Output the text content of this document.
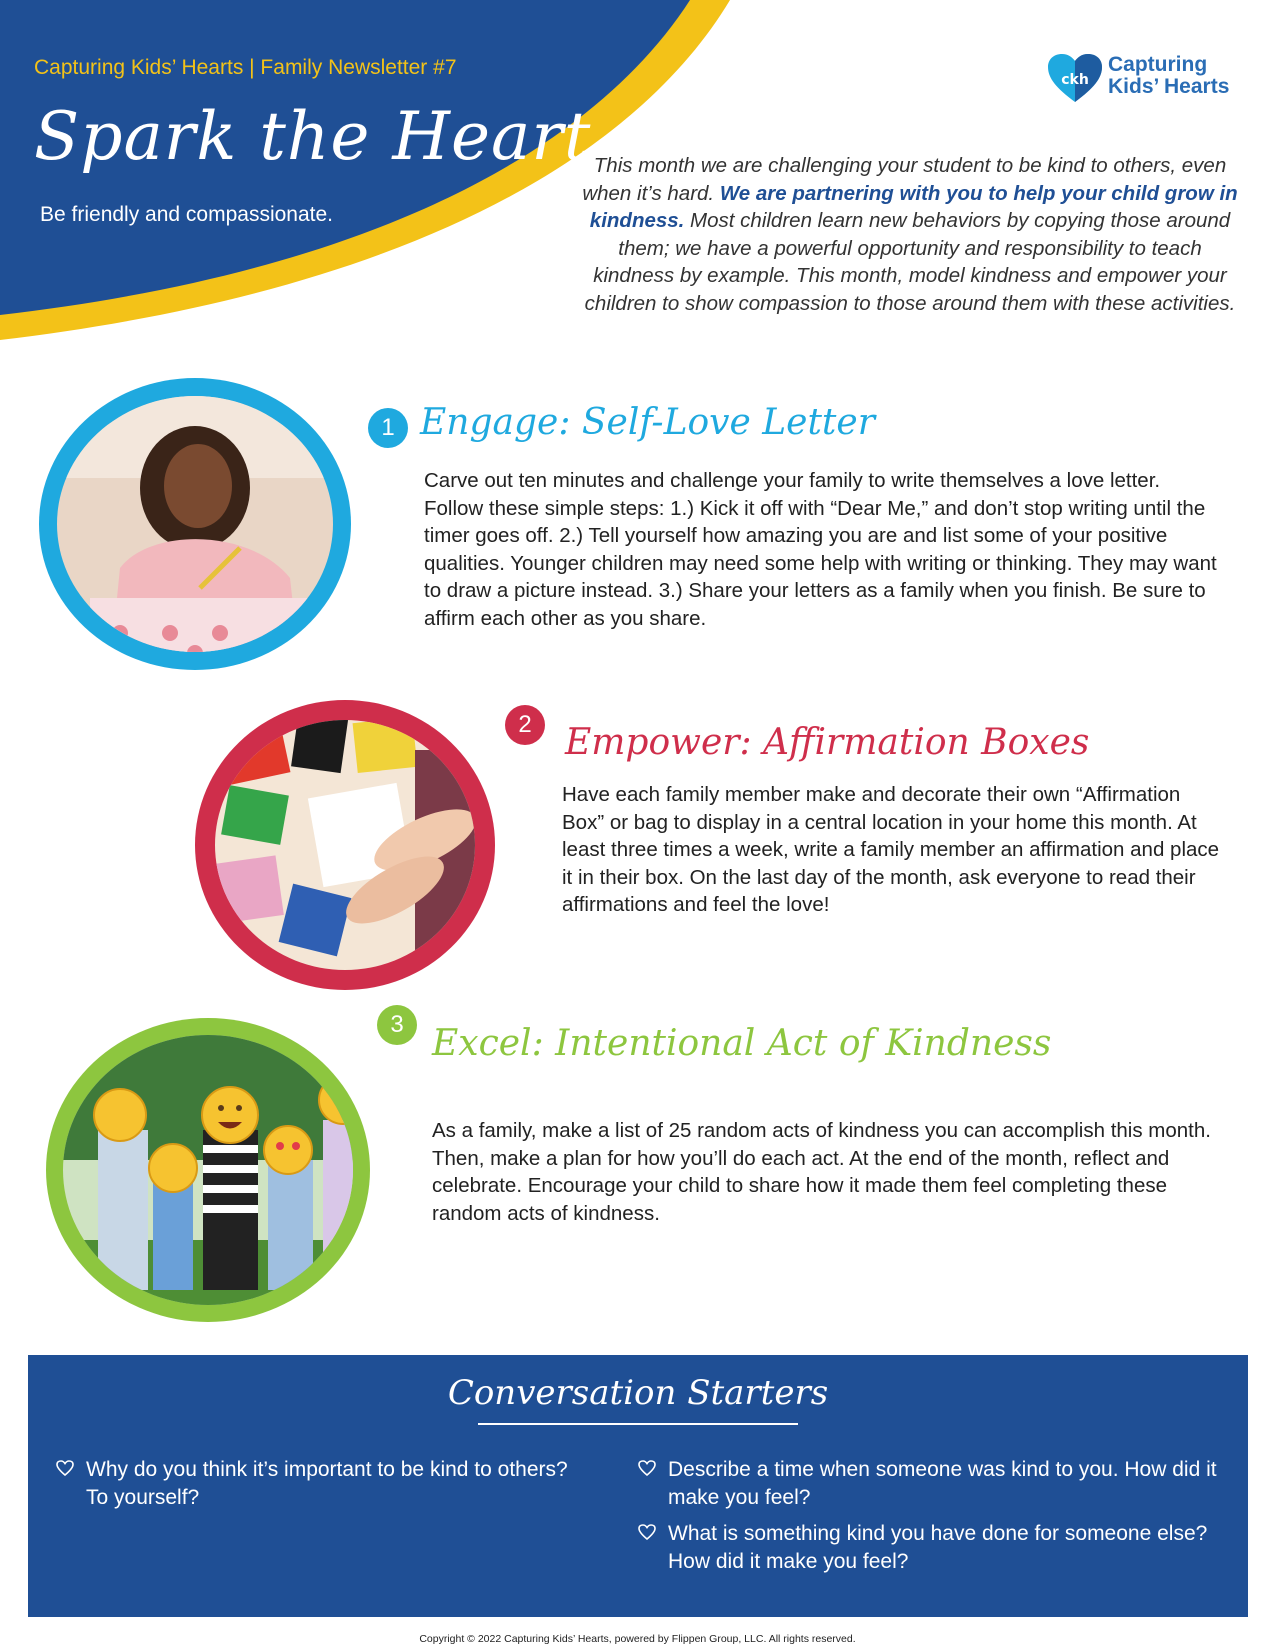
Capturing Kids’ Hearts | Family Newsletter #7
Spark the Heart
Be friendly and compassionate.
ckh
Capturing
Kids’ Hearts
This month we are challenging your student to be kind to others, even when it’s hard. We are partnering with you to help your child grow in kindness. Most children learn new behaviors by copying those around them; we have a powerful opportunity and responsibility to teach kindness by example. This month, model kindness and empower your children to show compassion to those around them with these activities.
1 Engage: Self-Love Letter
Carve out ten minutes and challenge your family to write themselves a love letter. Follow these simple steps: 1.) Kick it off with “Dear Me,” and don’t stop writing until the timer goes off. 2.) Tell yourself how amazing you are and list some of your positive qualities. Younger children may need some help with writing or thinking. They may want to draw a picture instead. 3.) Share your letters as a family when you finish. Be sure to affirm each other as you share.
2 Empower: Affirmation Boxes
Have each family member make and decorate their own “Affirmation Box” or bag to display in a central location in your home this month. At least three times a week, write a family member an affirmation and place it in their box. On the last day of the month, ask everyone to read their affirmations and feel the love!
3 Excel: Intentional Act of Kindness
As a family, make a list of 25 random acts of kindness you can accomplish this month. Then, make a plan for how you’ll do each act. At the end of the month, reflect and celebrate. Encourage your child to share how it made them feel completing these random acts of kindness.
Conversation Starters
Why do you think it’s important to be kind to others? To yourself?
Describe a time when someone was kind to you. How did it make you feel?
What is something kind you have done for someone else? How did it make you feel?
Copyright © 2022 Capturing Kids’ Hearts, powered by Flippen Group, LLC. All rights reserved.
